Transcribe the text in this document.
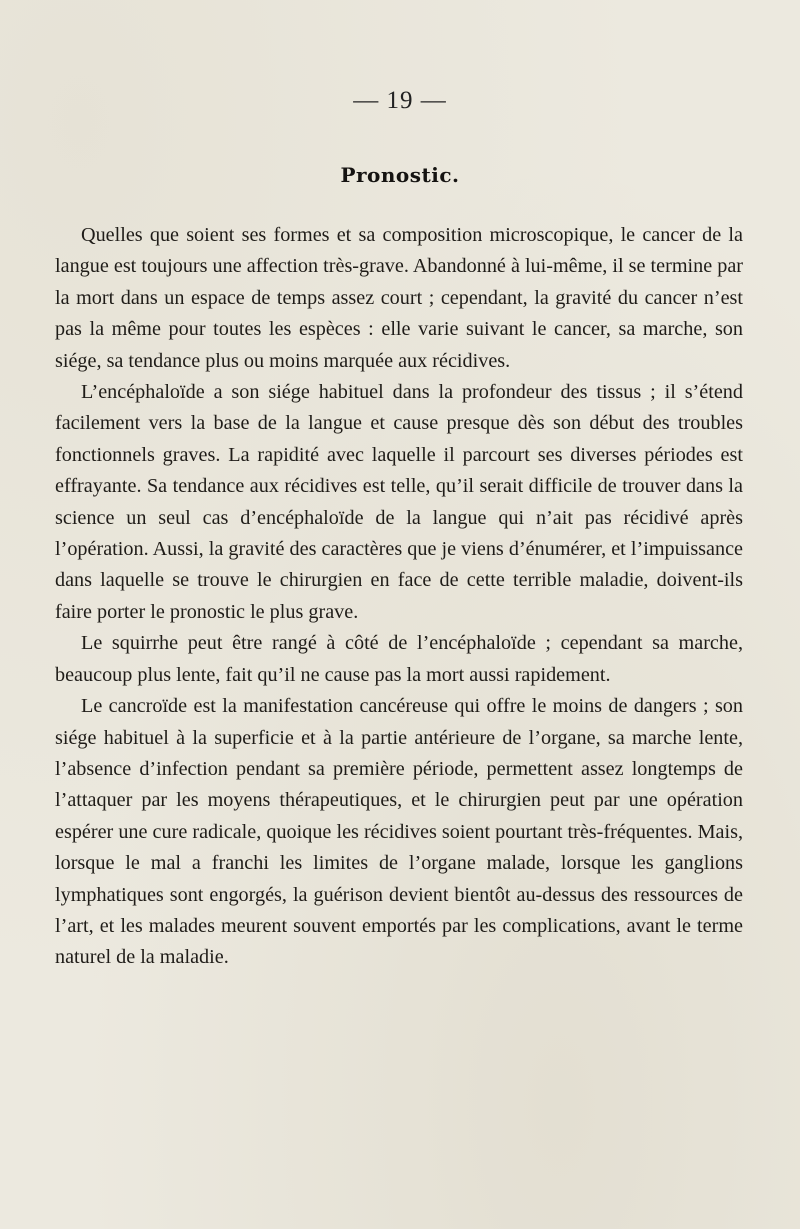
— 19 —
Pronostic.

Quelles que soient ses formes et sa composition microscopique, le cancer de la langue est toujours une affection très-grave. Abandonné à lui-même, il se termine par la mort dans un espace de temps assez court ; cependant, la gravité du cancer n’est pas la même pour toutes les espèces : elle varie suivant le cancer, sa marche, son siége, sa tendance plus ou moins marquée aux récidives.

L’encéphaloïde a son siége habituel dans la profondeur des tissus ; il s’étend facilement vers la base de la langue et cause presque dès son début des troubles fonctionnels graves. La rapidité avec laquelle il parcourt ses diverses périodes est effrayante. Sa tendance aux récidives est telle, qu’il serait difficile de trouver dans la science un seul cas d’encéphaloïde de la langue qui n’ait pas récidivé après l’opération. Aussi, la gravité des caractères que je viens d’énumérer, et l’impuissance dans laquelle se trouve le chirurgien en face de cette terrible maladie, doivent-ils faire porter le pronostic le plus grave.

Le squirrhe peut être rangé à côté de l’encéphaloïde ; cependant sa marche, beaucoup plus lente, fait qu’il ne cause pas la mort aussi rapidement.

Le cancroïde est la manifestation cancéreuse qui offre le moins de dangers ; son siége habituel à la superficie et à la partie antérieure de l’organe, sa marche lente, l’absence d’infection pendant sa première période, permettent assez longtemps de l’attaquer par les moyens thérapeutiques, et le chirurgien peut par une opération espérer une cure radicale, quoique les récidives soient pourtant très-fréquentes. Mais, lorsque le mal a franchi les limites de l’organe malade, lorsque les ganglions lymphatiques sont engorgés, la guérison devient bientôt au-dessus des ressources de l’art, et les malades meurent souvent emportés par les complications, avant le terme naturel de la maladie.
